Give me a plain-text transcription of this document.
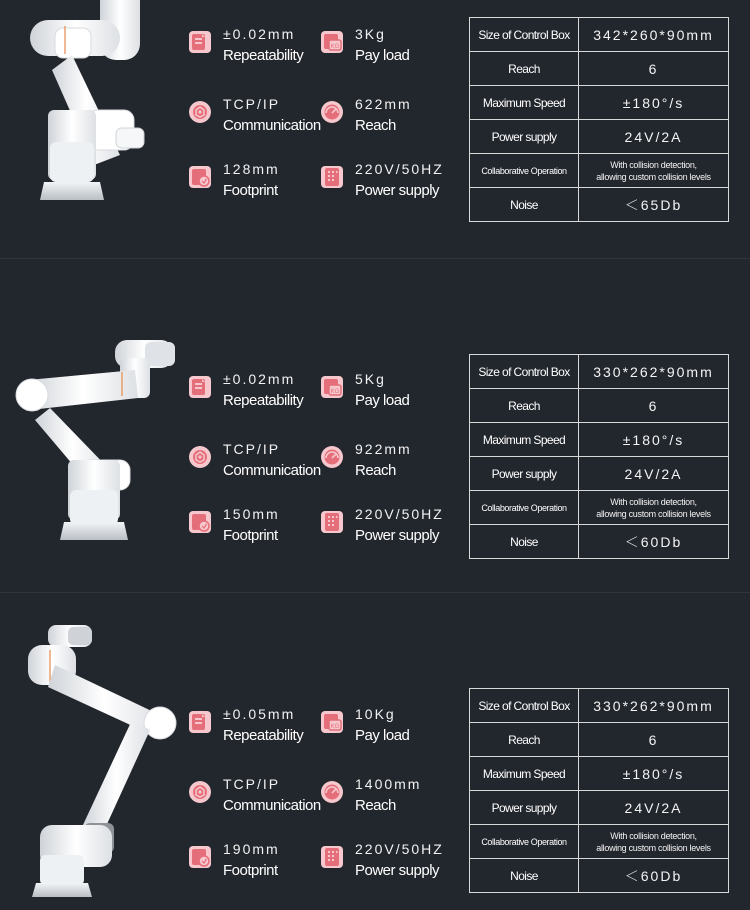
±0.02mm
Repeatability
3Kg
Pay load
TCP/IP
Communication
622mm
Reach
128mm
Footprint
220V/50HZ
Power supply
Size of Control Box	342*260*90mm
Reach	6
Maximum Speed	±180°/s
Power supply	24V/2A
Collaborative Operation	With collision detection,
allowing custom collision levels

Noise	＜65Db
±0.02mm
Repeatability
5Kg
Pay load
TCP/IP
Communication
922mm
Reach
150mm
Footprint
220V/50HZ
Power supply
Size of Control Box	330*262*90mm
Reach	6
Maximum Speed	±180°/s
Power supply	24V/2A
Collaborative Operation	With collision detection,
allowing custom collision levels

Noise	＜60Db
±0.05mm
Repeatability
10Kg
Pay load
TCP/IP
Communication
1400mm
Reach
190mm
Footprint
220V/50HZ
Power supply
Size of Control Box	330*262*90mm
Reach	6
Maximum Speed	±180°/s
Power supply	24V/2A
Collaborative Operation	With collision detection,
allowing custom collision levels

Noise	＜60Db
